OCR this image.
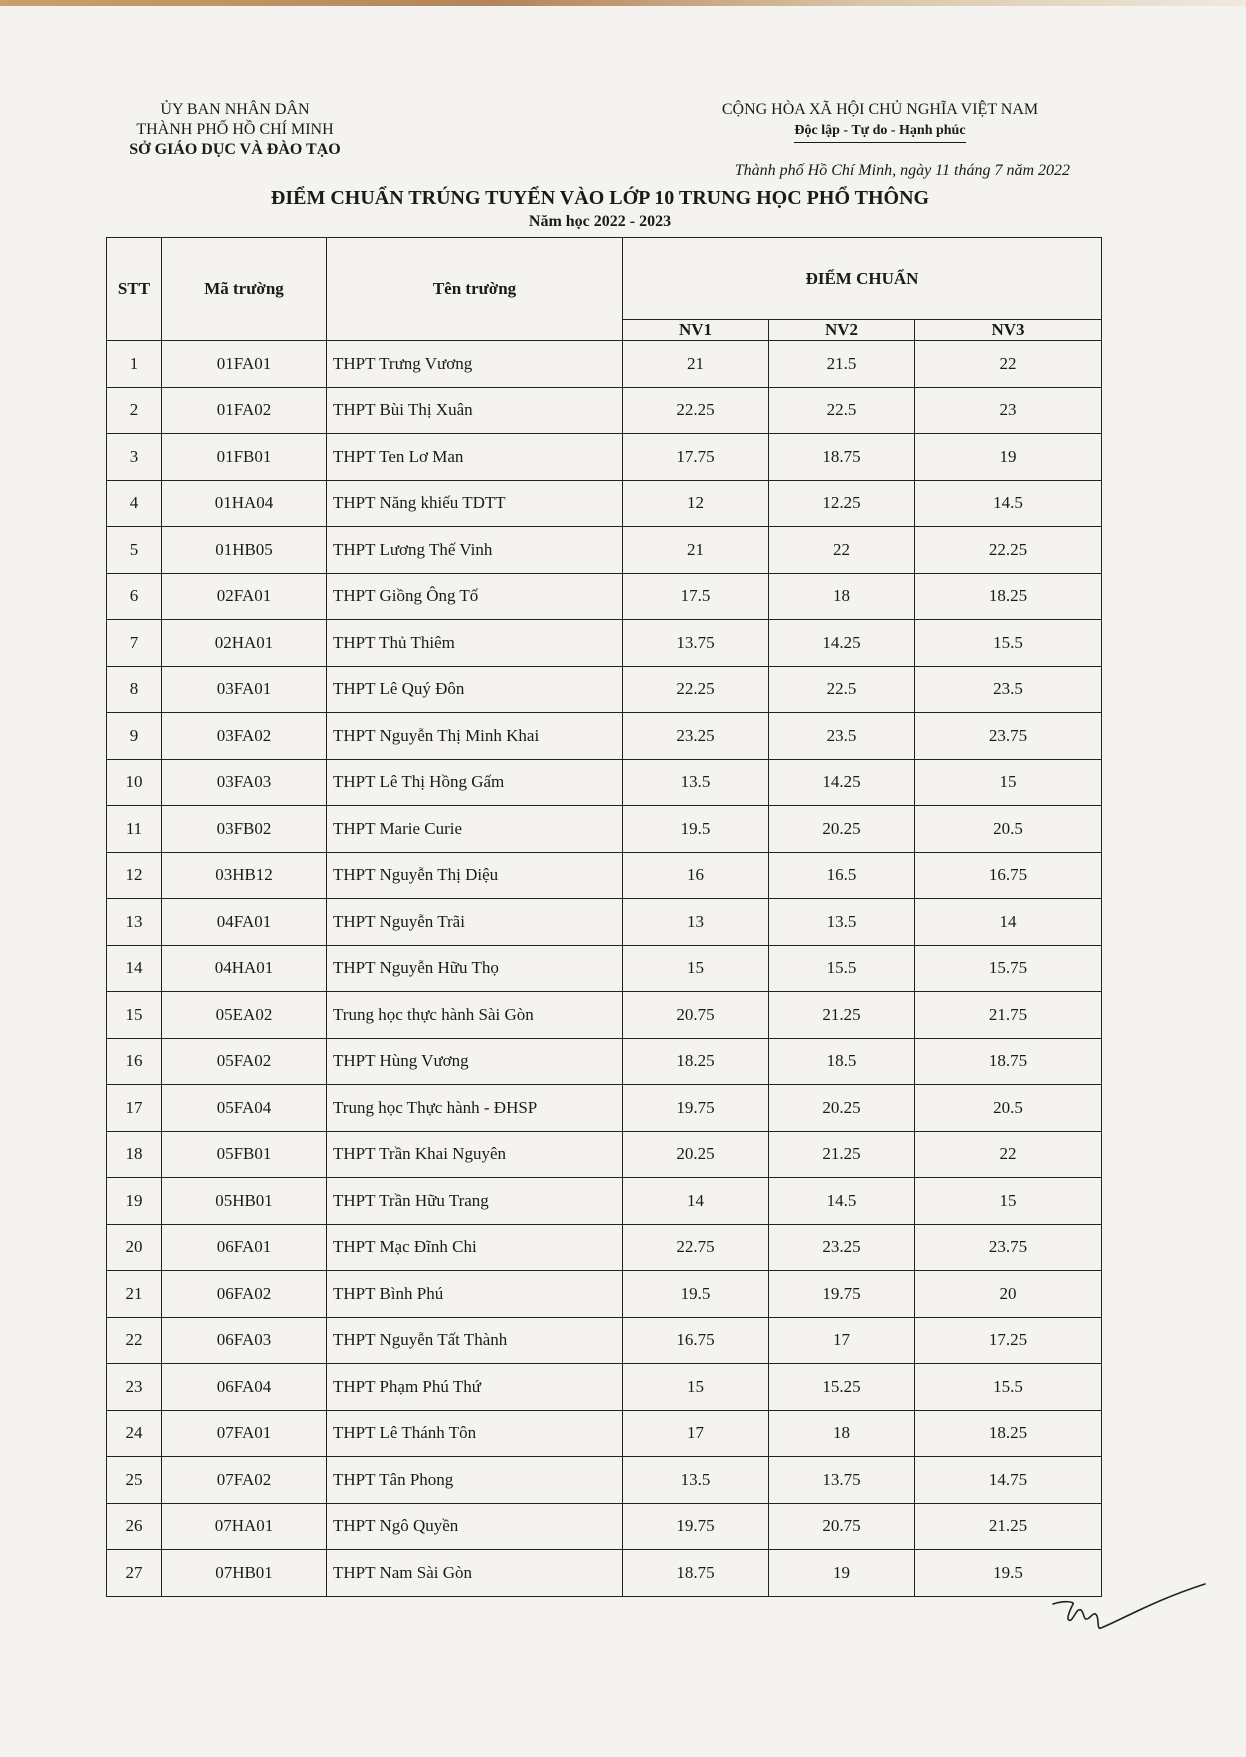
ỦY BAN NHÂN DÂN
THÀNH PHỐ HỒ CHÍ MINH
SỞ GIÁO DỤC VÀ ĐÀO TẠO
CỘNG HÒA XÃ HỘI CHỦ NGHĨA VIỆT NAM
Độc lập - Tự do - Hạnh phúc
Thành phố Hồ Chí Minh, ngày 11 tháng 7 năm 2022
ĐIỂM CHUẨN TRÚNG TUYỂN VÀO LỚP 10 TRUNG HỌC PHỔ THÔNG
Năm học 2022 - 2023
STT	Mã trường	Tên trường	ĐIỂM CHUẨN		
			NV1	NV2	NV3
1	01FA01	THPT Trưng Vương	21	21.5	22
2	01FA02	THPT Bùi Thị Xuân	22.25	22.5	23
3	01FB01	THPT Ten Lơ Man	17.75	18.75	19
4	01HA04	THPT Năng khiếu TDTT	12	12.25	14.5
5	01HB05	THPT Lương Thế Vinh	21	22	22.25
6	02FA01	THPT Giồng Ông Tố	17.5	18	18.25
7	02HA01	THPT Thủ Thiêm	13.75	14.25	15.5
8	03FA01	THPT Lê Quý Đôn	22.25	22.5	23.5
9	03FA02	THPT Nguyễn Thị Minh Khai	23.25	23.5	23.75
10	03FA03	THPT Lê Thị Hồng Gấm	13.5	14.25	15
11	03FB02	THPT Marie Curie	19.5	20.25	20.5
12	03HB12	THPT Nguyễn Thị Diệu	16	16.5	16.75
13	04FA01	THPT Nguyễn Trãi	13	13.5	14
14	04HA01	THPT Nguyễn Hữu Thọ	15	15.5	15.75
15	05EA02	Trung học thực hành Sài Gòn	20.75	21.25	21.75
16	05FA02	THPT Hùng Vương	18.25	18.5	18.75
17	05FA04	Trung học Thực hành - ĐHSP	19.75	20.25	20.5
18	05FB01	THPT Trần Khai Nguyên	20.25	21.25	22
19	05HB01	THPT Trần Hữu Trang	14	14.5	15
20	06FA01	THPT Mạc Đĩnh Chi	22.75	23.25	23.75
21	06FA02	THPT Bình Phú	19.5	19.75	20
22	06FA03	THPT Nguyễn Tất Thành	16.75	17	17.25
23	06FA04	THPT Phạm Phú Thứ	15	15.25	15.5
24	07FA01	THPT Lê Thánh Tôn	17	18	18.25
25	07FA02	THPT Tân Phong	13.5	13.75	14.75
26	07HA01	THPT Ngô Quyền	19.75	20.75	21.25
27	07HB01	THPT Nam Sài Gòn	18.75	19	19.5
